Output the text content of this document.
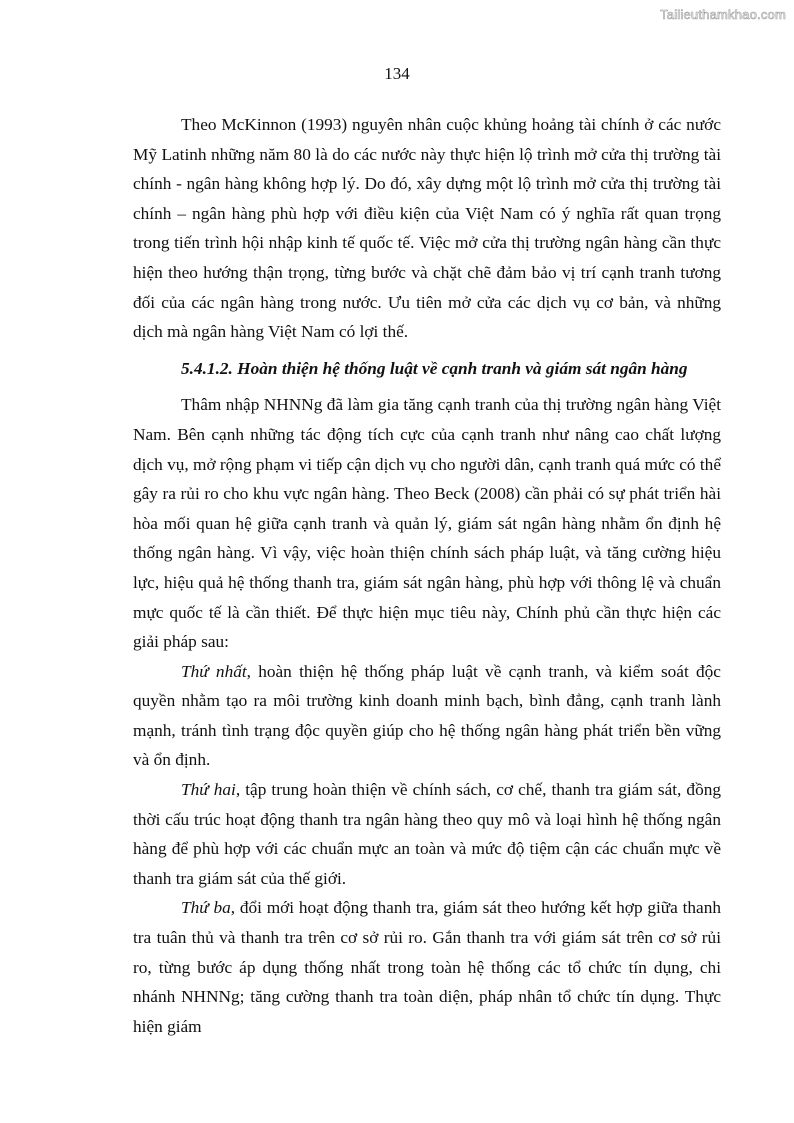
Tailieuthamkhao.com
134

Theo McKinnon (1993) nguyên nhân cuộc khủng hoảng tài chính ở các nước Mỹ Latinh những năm 80 là do các nước này thực hiện lộ trình mở cửa thị trường tài chính - ngân hàng không hợp lý. Do đó, xây dựng một lộ trình mở cửa thị trường tài chính – ngân hàng phù hợp với điều kiện của Việt Nam có ý nghĩa rất quan trọng trong tiến trình hội nhập kinh tế quốc tế. Việc mở cửa thị trường ngân hàng cần thực hiện theo hướng thận trọng, từng bước và chặt chẽ đảm bảo vị trí cạnh tranh tương đối của các ngân hàng trong nước. Ưu tiên mở cửa các dịch vụ cơ bản, và những dịch mà ngân hàng Việt Nam có lợi thế.

5.4.1.2. Hoàn thiện hệ thống luật về cạnh tranh và giám sát ngân hàng

Thâm nhập NHNNg đã làm gia tăng cạnh tranh của thị trường ngân hàng Việt Nam. Bên cạnh những tác động tích cực của cạnh tranh như nâng cao chất lượng dịch vụ, mở rộng phạm vi tiếp cận dịch vụ cho người dân, cạnh tranh quá mức có thể gây ra rủi ro cho khu vực ngân hàng. Theo Beck (2008) cần phải có sự phát triển hài hòa mối quan hệ giữa cạnh tranh và quản lý, giám sát ngân hàng nhằm ổn định hệ thống ngân hàng. Vì vậy, việc hoàn thiện chính sách pháp luật, và tăng cường hiệu lực, hiệu quả hệ thống thanh tra, giám sát ngân hàng, phù hợp với thông lệ và chuẩn mực quốc tế là cần thiết. Để thực hiện mục tiêu này, Chính phủ cần thực hiện các giải pháp sau:

Thứ nhất, hoàn thiện hệ thống pháp luật về cạnh tranh, và kiểm soát độc quyền nhằm tạo ra môi trường kinh doanh minh bạch, bình đẳng, cạnh tranh lành mạnh, tránh tình trạng độc quyền giúp cho hệ thống ngân hàng phát triển bền vững và ổn định.

Thứ hai, tập trung hoàn thiện về chính sách, cơ chế, thanh tra giám sát, đồng thời cấu trúc hoạt động thanh tra ngân hàng theo quy mô và loại hình hệ thống ngân hàng để phù hợp với các chuẩn mực an toàn và mức độ tiệm cận các chuẩn mực về thanh tra giám sát của thế giới.

Thứ ba, đổi mới hoạt động thanh tra, giám sát theo hướng kết hợp giữa thanh tra tuân thủ và thanh tra trên cơ sở rủi ro. Gắn thanh tra với giám sát trên cơ sở rủi ro, từng bước áp dụng thống nhất trong toàn hệ thống các tổ chức tín dụng, chi nhánh NHNNg; tăng cường thanh tra toàn diện, pháp nhân tổ chức tín dụng. Thực hiện giám
